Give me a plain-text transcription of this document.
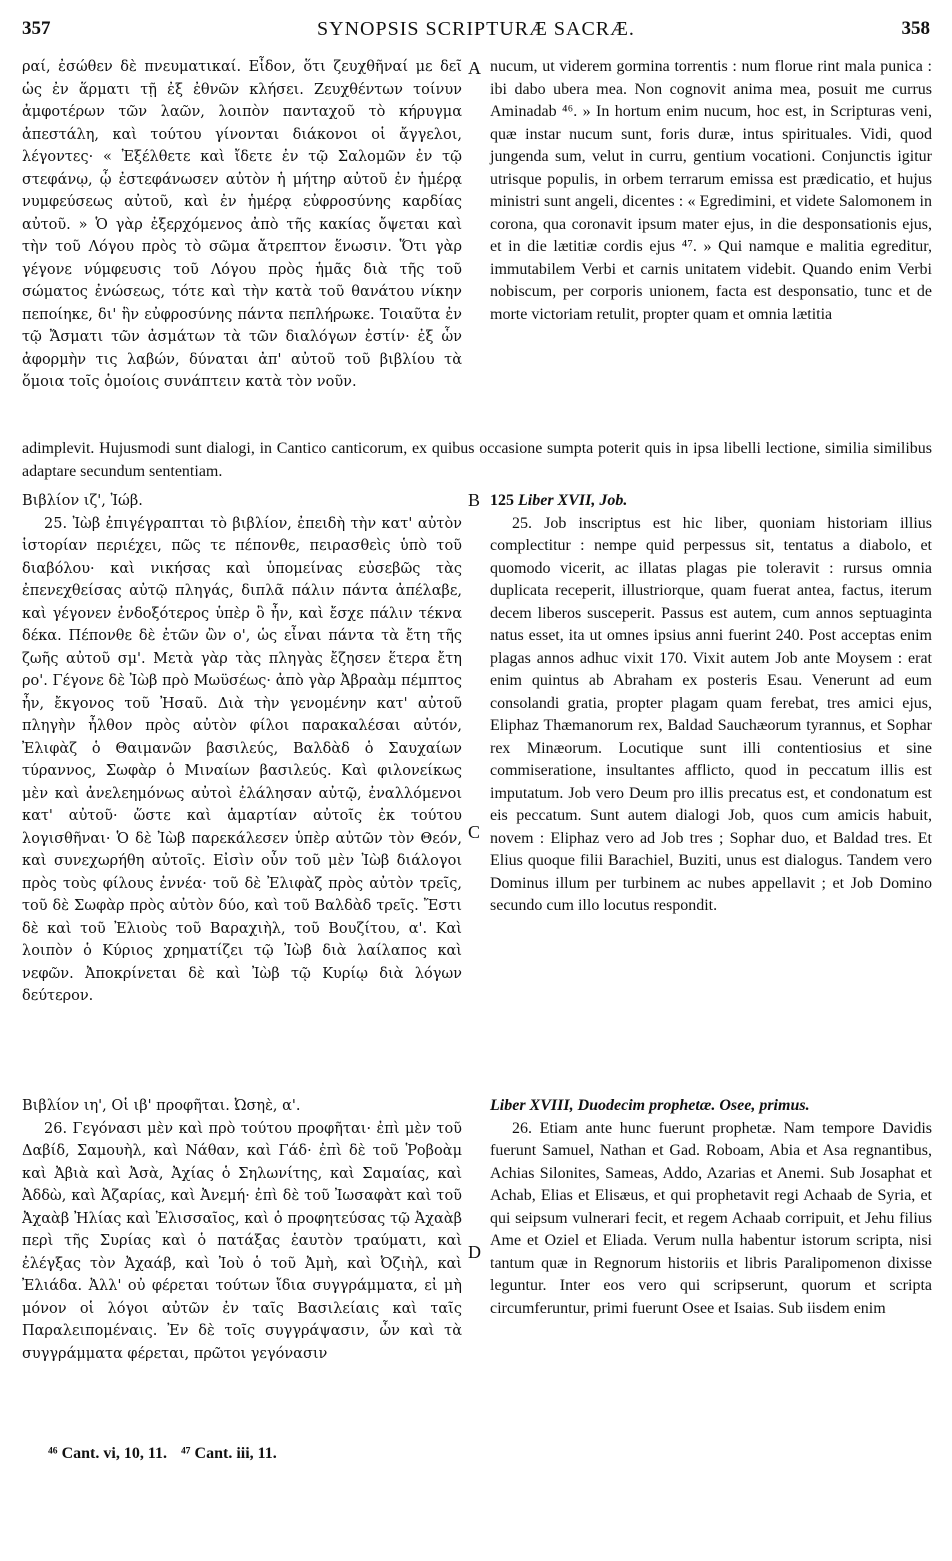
357	SYNOPSIS SCRIPTURÆ SACRÆ.	358

ραί, ἐσώθεν δὲ πνευματικαί. Εἶδον, ὅτι ζευχθῆναί με δεῖ ὡς ἐν ἅρματι τῇ ἐξ ἐθνῶν κλήσει. Ζευχθέντων τοίνυν ἀμφοτέρων τῶν λαῶν, λοιπὸν πανταχοῦ τὸ κήρυγμα ἀπεστάλη, καὶ τούτου γίνονται διάκονοι οἱ ἄγγελοι, λέγοντες· « Ἐξέλθετε καὶ ἴδετε ἐν τῷ Σαλομῶν ἐν τῷ στεφάνῳ, ᾧ ἐστεφάνωσεν αὐτὸν ἡ μήτηρ αὐτοῦ ἐν ἡμέρᾳ νυμφεύσεως αὐτοῦ, καὶ ἐν ἡμέρᾳ εὐφροσύνης καρδίας αὐτοῦ. » Ὁ γὰρ ἐξερχόμενος ἀπὸ τῆς κακίας ὄψεται καὶ τὴν τοῦ Λόγου πρὸς τὸ σῶμα ἄτρεπτον ἕνωσιν. Ὅτι γὰρ γέγονε νύμφευσις τοῦ Λόγου πρὸς ἡμᾶς διὰ τῆς τοῦ σώματος ἐνώσεως, τότε καὶ τὴν κατὰ τοῦ θανάτου νίκην πεποίηκε, δι' ἣν εὐφροσύνης πάντα πεπλήρωκε. Τοιαῦτα ἐν τῷ Ἄσματι τῶν ἀσμάτων τὰ τῶν διαλόγων ἐστίν· ἐξ ὧν ἀφορμὴν τις λαβών, δύναται ἀπ' αὐτοῦ τοῦ βιβλίου τὰ ὅμοια τοῖς ὁμοίοις συνάπτειν κατὰ τὸν νοῦν.

nucum, ut viderem gormina torrentis : num florue rint mala punica : ibi dabo ubera mea. Non cognovit anima mea, posuit me currus Aminadab ⁴⁶. » In hortum enim nucum, hoc est, in Scripturas veni, quæ instar nucum sunt, foris duræ, intus spirituales. Vidi, quod jungenda sum, velut in curru, gentium vocationi. Conjunctis igitur utrisque populis, in orbem terrarum emissa est prædicatio, et hujus ministri sunt angeli, dicentes : « Egredimini, et videte Salomonem in corona, qua coronavit ipsum mater ejus, in die desponsationis ejus, et in die lætitiæ cordis ejus ⁴⁷. » Qui namque e malitia egreditur, immutabilem Verbi et carnis unitatem videbit. Quando enim Verbi nobiscum, per corporis unionem, facta est desponsatio, tunc et de morte victoriam retulit, propter quam et omnia lætitia

A

adimplevit. Hujusmodi sunt dialogi, in Cantico canticorum, ex quibus occasione sumpta poterit quis in ipsa libelli lectione, similia similibus adaptare secundum sententiam.

Βιβλίον ιζ', Ἰώβ.

25. Ἰὼβ ἐπιγέγραπται τὸ βιβλίον, ἐπειδὴ τὴν κατ' αὐτὸν ἱστορίαν περιέχει, πῶς τε πέπονθε, πειρασθεὶς ὑπὸ τοῦ διαβόλου· καὶ νικήσας καὶ ὑπομείνας εὐσεβῶς τὰς ἐπενεχθείσας αὐτῷ πληγάς, διπλᾶ πάλιν πάντα ἀπέλαβε, καὶ γέγονεν ἐνδοξότερος ὑπὲρ ὃ ἦν, καὶ ἔσχε πάλιν τέκνα δέκα. Πέπονθε δὲ ἐτῶν ὢν ο', ὡς εἶναι πάντα τὰ ἔτη τῆς ζωῆς αὐτοῦ σμ'. Μετὰ γὰρ τὰς πληγὰς ἔζησεν ἕτερα ἔτη ρο'. Γέγονε δὲ Ἰὼβ πρὸ Μωϋσέως· ἀπὸ γὰρ Ἀβραὰμ πέμπτος ἦν, ἔκγονος τοῦ Ἠσαῦ. Διὰ τὴν γενομένην κατ' αὐτοῦ πληγὴν ἦλθον πρὸς αὐτὸν φίλοι παρακαλέσαι αὐτόν, Ἐλιφὰζ ὁ Θαιμανῶν βασιλεύς, Βαλδὰδ ὁ Σαυχαίων τύραννος, Σωφὰρ ὁ Μιναίων βασιλεύς. Καὶ φιλονείκως μὲν καὶ ἀνελεημόνως αὐτοὶ ἐλάλησαν αὐτῷ, ἐναλλόμενοι κατ' αὐτοῦ· ὥστε καὶ ἁμαρτίαν αὐτοῖς ἐκ τούτου λογισθῆναι· Ὁ δὲ Ἰὼβ παρεκάλεσεν ὑπὲρ αὐτῶν τὸν Θεόν, καὶ συνεχωρήθη αὐτοῖς. Εἰσὶν οὖν τοῦ μὲν Ἰὼβ διάλογοι πρὸς τοὺς φίλους ἐννέα· τοῦ δὲ Ἐλιφὰζ πρὸς αὐτὸν τρεῖς, τοῦ δὲ Σωφὰρ πρὸς αὐτὸν δύο, καὶ τοῦ Βαλδὰδ τρεῖς. Ἔστι δὲ καὶ τοῦ Ἐλιοὺς τοῦ Βαραχιὴλ, τοῦ Βουζίτου, α'. Καὶ λοιπὸν ὁ Κύριος χρηματίζει τῷ Ἰὼβ διὰ λαίλαπος καὶ νεφῶν. Ἀποκρίνεται δὲ καὶ Ἰὼβ τῷ Κυρίῳ διὰ λόγων δεύτερον.

B 125 Liber XVII, Job.

25. Job inscriptus est hic liber, quoniam historiam illius complectitur : nempe quid perpessus sit, tentatus a diabolo, et quomodo vicerit, ac illatas plagas pie toleravit : rursus omnia duplicata receperit, illustriorque, quam fuerat antea, factus, iterum decem liberos susceperit. Passus est autem, cum annos septuaginta natus esset, ita ut omnes ipsius anni fuerint 240. Post acceptas enim plagas annos adhuc vixit 170. Vixit autem Job ante Moysem : erat enim quintus ab Abraham ex posteris Esau. Venerunt ad eum consolandi gratia, propter plagam quam ferebat, tres amici ejus, Eliphaz Thæmanorum rex, Baldad Sauchæorum tyrannus, et Sophar rex Minæorum. Locutique sunt illi contentiosius et sine commiseratione, insultantes afflicto, quod in peccatum illis est imputatum. Job vero Deum pro illis precatus est, et condonatum est eis peccatum. Sunt autem dialogi Job, quos cum amicis habuit, novem : Eliphaz vero ad Job tres ; Sophar duo, et Baldad tres. Et Elius quoque filii Barachiel, Buziti, unus est dialogus. Tandem vero Dominus illum per turbinem ac nubes appellavit ; et Job Domino secundo cum illo locutus respondit.

C

Βιβλίον ιη', Οἱ ιβ' προφῆται. Ὠσηὲ, α'.

26. Γεγόνασι μὲν καὶ πρὸ τούτου προφῆται· ἐπὶ μὲν τοῦ Δαβίδ, Σαμουὴλ, καὶ Νάθαν, καὶ Γάδ· ἐπὶ δὲ τοῦ Ῥοβοὰμ καὶ Ἀβιὰ καὶ Ἀσὰ, Ἀχίας ὁ Σηλωνίτης, καὶ Σαμαίας, καὶ Ἀδδὼ, καὶ Ἀζαρίας, καὶ Ἀνεμή· ἐπὶ δὲ τοῦ Ἰωσαφὰτ καὶ τοῦ Ἀχαὰβ Ἠλίας καὶ Ἐλισσαῖος, καὶ ὁ προφητεύσας τῷ Ἀχαὰβ περὶ τῆς Συρίας καὶ ὁ πατάξας ἑαυτὸν τραύματι, καὶ ἐλέγξας τὸν Ἀχαάβ, καὶ Ἰοὺ ὁ τοῦ Ἀμὴ, καὶ Ὀζιὴλ, καὶ Ἐλιάδα. Ἀλλ' οὐ φέρεται τούτων ἴδια συγγράμματα, εἰ μὴ μόνον οἱ λόγοι αὐτῶν ἐν ταῖς Βασιλείαις καὶ ταῖς Παραλειπομέναις. Ἐν δὲ τοῖς συγγράψασιν, ὧν καὶ τὰ συγγράμματα φέρεται, πρῶτοι γεγόνασιν

D

Liber XVIII, Duodecim prophetæ. Osee, primus.

26. Etiam ante hunc fuerunt prophetæ. Nam tempore Davidis fuerunt Samuel, Nathan et Gad. Roboam, Abia et Asa regnantibus, Achias Silonites, Sameas, Addo, Azarias et Anemi. Sub Josaphat et Achab, Elias et Elisæus, et qui prophetavit regi Achaab de Syria, et qui seipsum vulnerari fecit, et regem Achaab corripuit, et Jehu filius Ame et Oziel et Eliada. Verum nulla habentur istorum scripta, nisi tantum quæ in Regnorum historiis et libris Paralipomenon dixisse leguntur. Inter eos vero qui scripserunt, quorum et scripta circumferuntur, primi fuerunt Osee et Isaias. Sub iisdem enim

⁴⁶ Cant. vi, 10, 11. ⁴⁷ Cant. iii, 11.
